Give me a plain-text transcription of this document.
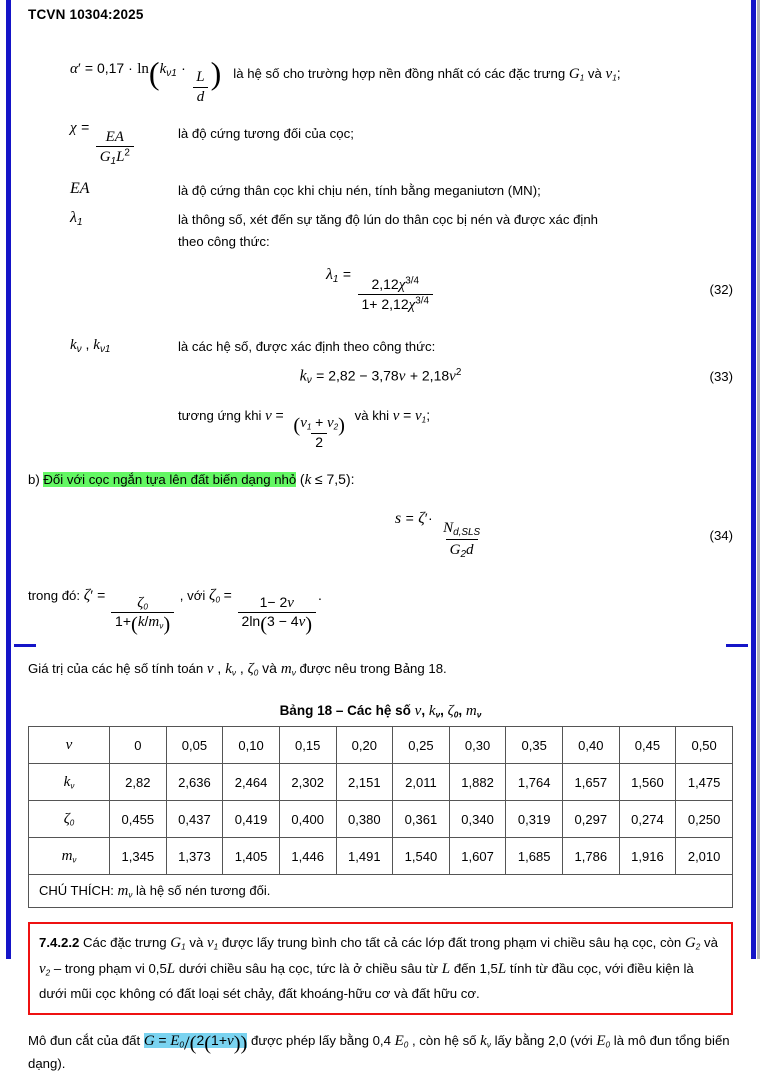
TCVN 10304:2025
α′ = 0,17 · ln(kν1 ·
$\frac{L}{d}$ ) là hệ số cho trường hợp nền đồng nhất có các đặc trưng G1 và ν1;
χ =
$\frac{EA}{G1L^2}$	là độ cứng tương đối của cọc;
EA	là độ cứng thân cọc khi chịu nén, tính bằng meganiutơn (MN);
λ1	là thông số, xét đến sự tăng độ lún do thân cọc bị nén và được xác định
theo công thức:
λ1 =
$\frac{2,12\chi^{3/4}}{1+ 2,12\chi^{3/4}}$	(32)
kν , kν1	là các hệ số, được xác định theo công thức:
$k\nu = 2,82 - 3,78\nu + 2,18\nu^2$	(33)
tương ứng khi $\nu = \frac{(\nu 1 + \nu 2)}{2}$ và khi ν = ν1;
b) Đối với cọc ngắn tựa lên đất biến dạng nhỏ (k ≤ 7,5):
s = ζ′·
$\frac{\text{Nd,SLS}}{G2d}$	(34)
trong đó: $\zeta' = \frac{\zeta 0}{1+(k/m\nu)}$ , với $\zeta 0 = \frac{1- 2\nu}{2\ln(3 - 4\nu)}$ .
Giá trị của các hệ số tính toán ν , kν , ζ0 và mν được nêu trong Bảng 18.
Bảng 18 – Các hệ số ν, kν, ζ0, mν
ν	0	0,05	0,10	0,15	0,20	0,25	0,30	0,35	0,40	0,45	0,50
kν	2,82	2,636	2,464	2,302	2,151	2,011	1,882	1,764	1,657	1,560	1,475
ζ0	0,455	0,437	0,419	0,400	0,380	0,361	0,340	0,319	0,297	0,274	0,250
mν	1,345	1,373	1,405	1,446	1,491	1,540	1,607	1,685	1,786	1,916	2,010
CHÚ THÍCH: mν là hệ số nén tương đối.											
7.4.2.2 Các đặc trưng G1 và ν1 được lấy trung bình cho tất cả các lớp đất trong phạm vi chiều sâu hạ cọc, còn G2 và ν2 – trong phạm vi 0,5L dưới chiều sâu hạ cọc, tức là ở chiều sâu từ L đến 1,5L tính từ đầu cọc, với điều kiện là dưới mũi cọc không có đất loại sét chảy, đất khoáng-hữu cơ và đất hữu cơ.
Mô đun cắt của đất G = E0/(2(1+ν)) được phép lấy bằng 0,4 E0 , còn hệ số kν lấy bằng 2,0 (với E0 là mô đun tổng biến dạng).
